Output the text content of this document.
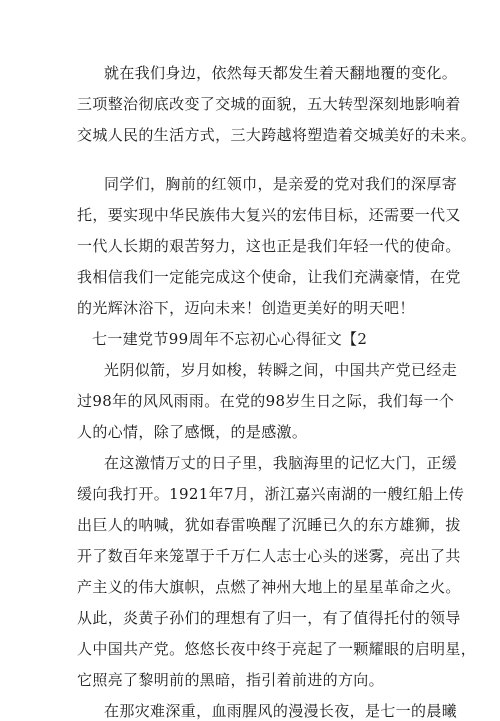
就在我们身边，依然每天都发生着天翻地覆的变化。
三项整治彻底改变了交城的面貌，五大转型深刻地影响着
交城人民的生活方式，三大跨越将塑造着交城美好的未来。
同学们，胸前的红领巾，是亲爱的党对我们的深厚寄
托，要实现中华民族伟大复兴的宏伟目标，还需要一代又
一代人长期的艰苦努力，这也正是我们年轻一代的使命。
我相信我们一定能完成这个使命，让我们充满豪情，在党
的光辉沐浴下，迈向未来！创造更美好的明天吧！
七一建党节99周年不忘初心心得征文【2
光阴似箭，岁月如梭，转瞬之间，中国共产党已经走
过98年的风风雨雨。在党的98岁生日之际，我们每一个
人的心情，除了感慨，的是感激。
在这激情万丈的日子里，我脑海里的记忆大门，正缓
缓向我打开。1921年7月，浙江嘉兴南湖的一艘红船上传
出巨人的呐喊，犹如春雷唤醒了沉睡已久的东方雄狮，拔
开了数百年来笼罩于千万仁人志士心头的迷雾，亮出了共
产主义的伟大旗帜，点燃了神州大地上的星星革命之火。
从此，炎黄子孙们的理想有了归一，有了值得托付的领导
人中国共产党。悠悠长夜中终于亮起了一颗耀眼的启明星，
它照亮了黎明前的黑暗，指引着前进的方向。
在那灾难深重，血雨腥风的漫漫长夜，是七一的晨曦
